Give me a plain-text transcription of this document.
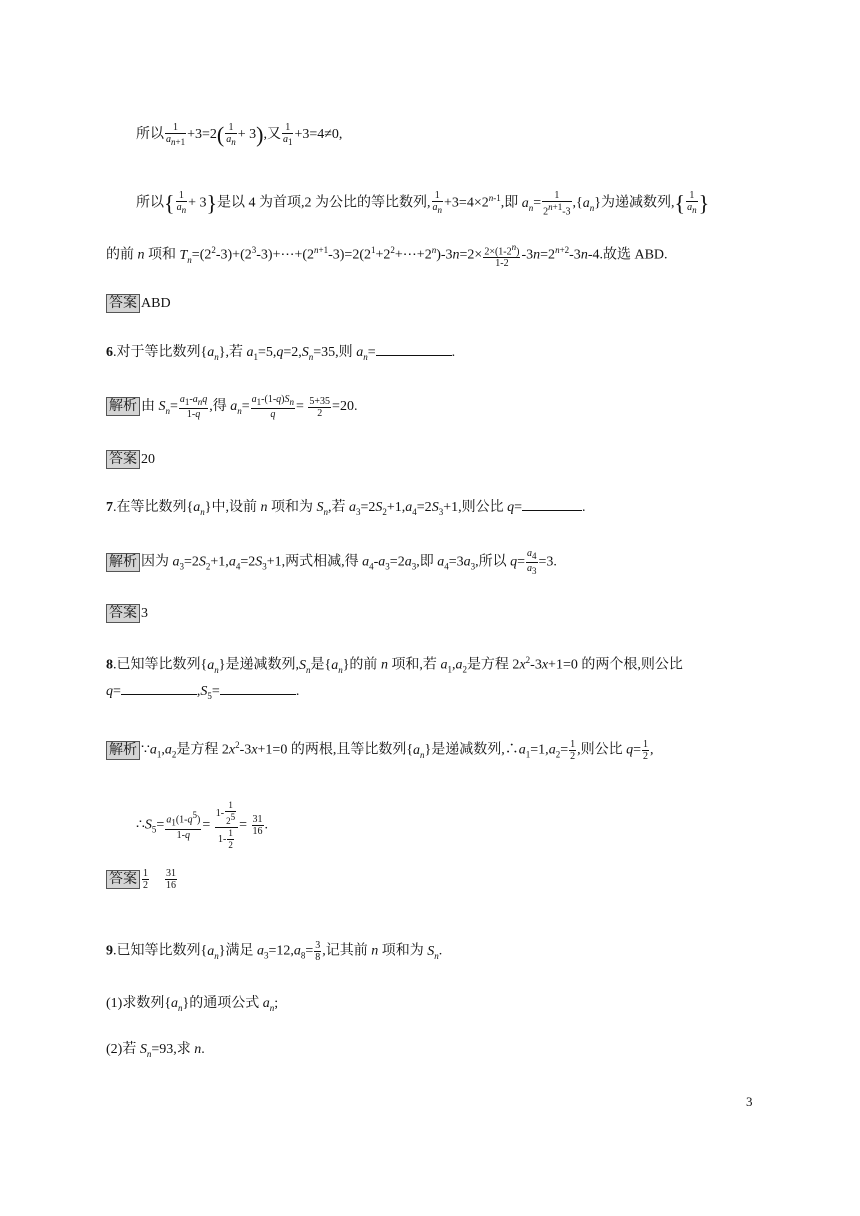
所以 $\frac{1}{a_{n+1}} +3=2( \frac{1}{a_n} + 3)$,又 $\frac{1}{a_1} +3=4\ne 0$,
所以{ $\frac{1}{a_n} + 3$}是以 4 为首项,2 为公比的等比数列, $\frac{1}{a_n} +3=4\times 2^{n-1}$,即 $a_n= \frac{1}{2^{n+1}-3} ,\{a_n\}$为递减数列,{ $\frac{1}{a_n}$ }
的前 n 项和 $T_n=(2^2-3)+(2^3-3)+\cdots+(2^{n+1}-3)=2(2^1+2^2+\cdots+2^n)-3n=2\times \frac{2\times(1-2^n)}{1-2} -3n=2^{n+2}-3n-4$.故选 ABD.
答案 ABD
6.对于等比数列$\{a_n\}$,若 $a_1=5,q=2,S_n=35$,则 $a_n=$	.
解析 由 $S_n= \frac{a_1-a_nq}{1-q}$ ,得 $a_n= \frac{a_1-(1-q)S_n}{q} = \frac{5+35}{2} =20$.
答案 20
7.在等比数列$\{a_n\}$中,设前 n 项和为 $S_n$,若 $a_3=2S_2+1,a_4=2S_3+1$,则公比 q=	.
解析 因为 $a_3=2S_2+1,a_4=2S_3+1$,两式相减,得 $a_4-a_3=2a_3$,即 $a_4=3a_3$,所以 $q= \frac{a_4}{a_3} =3$.
答案 3
8.已知等比数列$\{a_n\}$是递减数列$,S_n$是$\{a_n\}$的前 n 项和,若 $a_1,a_2$是方程 $2x^2-3x+1=0$ 的两个根,则公比
q=	$,S_5=$	.
解析 $\because a_1,a_2$是方程 $2x^2-3x+1=0$ 的两根,且等比数列$\{a_n\}$是递减数列$,\therefore a_1=1,a_2= \frac{1}{2}$ ,则公比 $q= \frac{1}{2}$ ,
$\therefore S_5= \frac{a_1(1-q^5)}{1-q} = \frac{1- \frac{1}{2^5}}{1- \frac{1}{2}} = \frac{31}{16}$ .
答案 $\frac{1}{2}$
$\frac{31}{16}$
9.已知等比数列$\{a_n\}$满足 $a_3=12,a_8= \frac{3}{8}$ ,记其前 n 项和为 $S_n$.
(1)求数列$\{a_n\}$的通项公式 $a_n$;
(2)若 $S_n=93$,求 n.
3
